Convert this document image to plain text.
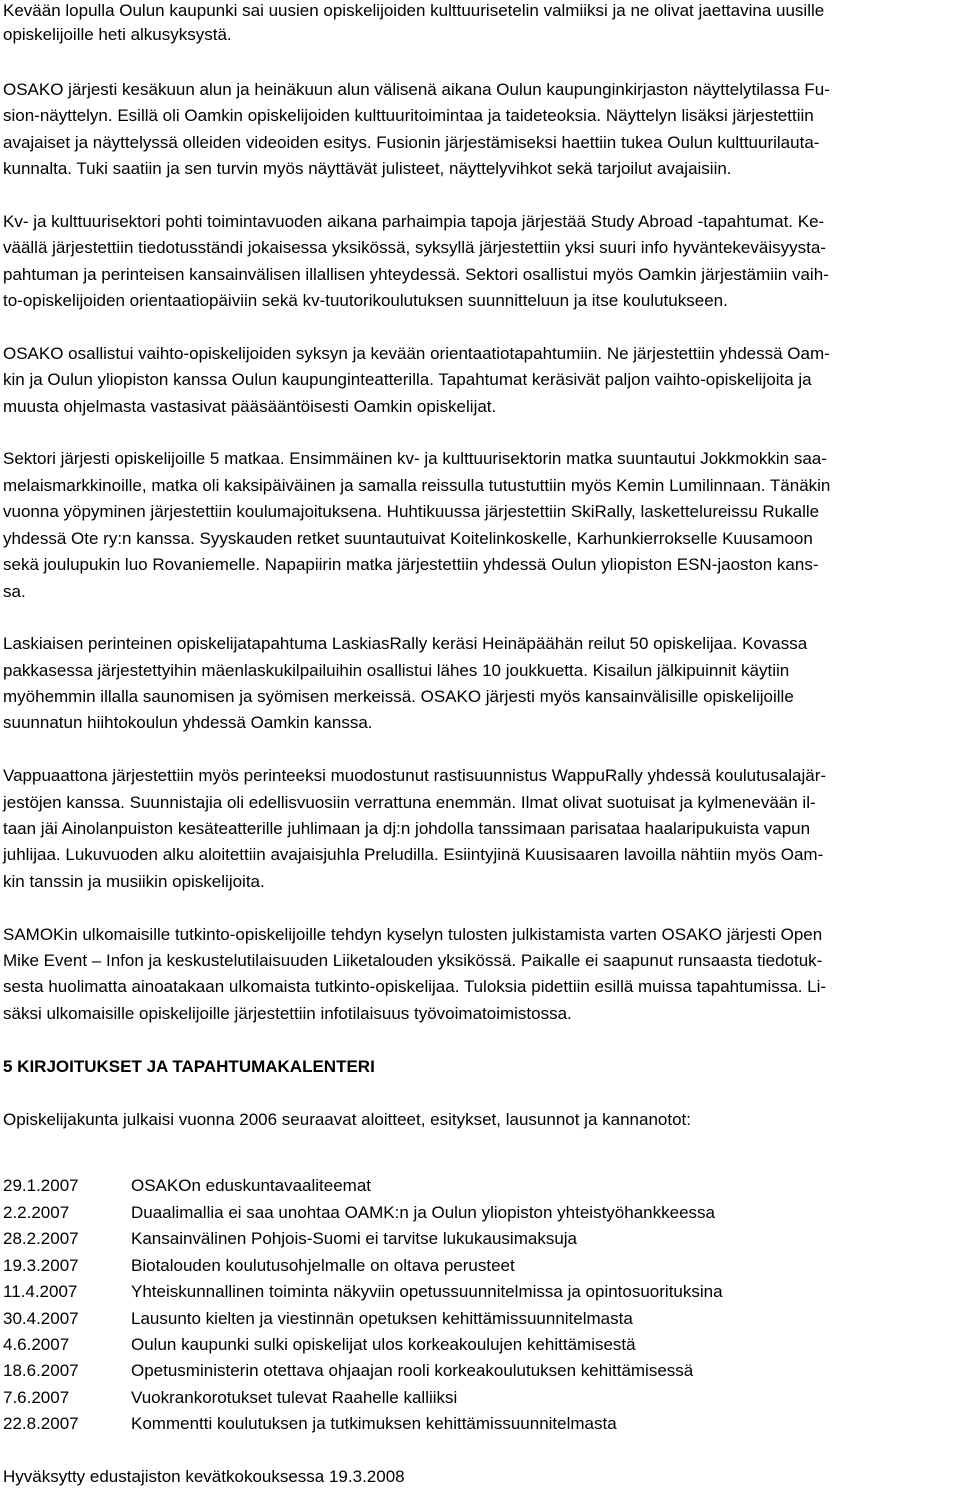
Kevään lopulla Oulun kaupunki sai uusien opiskelijoiden kulttuurisetelin valmiiksi ja ne olivat jaettavina uusille
opiskelijoille heti alkusyksystä.
OSAKO järjesti kesäkuun alun ja heinäkuun alun välisenä aikana Oulun kaupunginkirjaston näyttelytilassa Fu-
sion-näyttelyn. Esillä oli Oamkin opiskelijoiden kulttuuritoimintaa ja taideteoksia. Näyttelyn lisäksi järjestettiin
avajaiset ja näyttelyssä olleiden videoiden esitys. Fusionin järjestämiseksi haettiin tukea Oulun kulttuurilauta-
kunnalta. Tuki saatiin ja sen turvin myös näyttävät julisteet, näyttelyvihkot sekä tarjoilut avajaisiin.
Kv- ja kulttuurisektori pohti toimintavuoden aikana parhaimpia tapoja järjestää Study Abroad -tapahtumat. Ke-
väällä järjestettiin tiedotusständi jokaisessa yksikössä, syksyllä järjestettiin yksi suuri info hyväntekeväisyysta-
pahtuman ja perinteisen kansainvälisen illallisen yhteydessä. Sektori osallistui myös Oamkin järjestämiin vaih-
to-opiskelijoiden orientaatiopäiviin sekä kv-tuutorikoulutuksen suunnitteluun ja itse koulutukseen.
OSAKO osallistui vaihto-opiskelijoiden syksyn ja kevään orientaatiotapahtumiin. Ne järjestettiin yhdessä Oam-
kin ja Oulun yliopiston kanssa Oulun kaupunginteatterilla. Tapahtumat keräsivät paljon vaihto-opiskelijoita ja
muusta ohjelmasta vastasivat pääsääntöisesti Oamkin opiskelijat.
Sektori järjesti opiskelijoille 5 matkaa. Ensimmäinen kv- ja kulttuurisektorin matka suuntautui Jokkmokkin saa-
melaismarkkinoille, matka oli kaksipäiväinen ja samalla reissulla tutustuttiin myös Kemin Lumilinnaan. Tänäkin
vuonna yöpyminen järjestettiin koulumajoituksena. Huhtikuussa järjestettiin SkiRally, laskettelureissu Rukalle
yhdessä Ote ry:n kanssa. Syyskauden retket suuntautuivat Koitelinkoskelle, Karhunkierrokselle Kuusamoon
sekä joulupukin luo Rovaniemelle. Napapiirin matka järjestettiin yhdessä Oulun yliopiston ESN-jaoston kans-
sa.
Laskiaisen perinteinen opiskelijatapahtuma LaskiasRally keräsi Heinäpäähän reilut 50 opiskelijaa. Kovassa
pakkasessa järjestettyihin mäenlaskukilpailuihin osallistui lähes 10 joukkuetta. Kisailun jälkipuinnit käytiin
myöhemmin illalla saunomisen ja syömisen merkeissä. OSAKO järjesti myös kansainvälisille opiskelijoille
suunnatun hiihtokoulun yhdessä Oamkin kanssa.
Vappuaattona järjestettiin myös perinteeksi muodostunut rastisuunnistus WappuRally yhdessä koulutusalajär-
jestöjen kanssa. Suunnistajia oli edellisvuosiin verrattuna enemmän. Ilmat olivat suotuisat ja kylmenevään il-
taan jäi Ainolanpuiston kesäteatterille juhlimaan ja dj:n johdolla tanssimaan parisataa haalaripukuista vapun
juhlijaa. Lukuvuoden alku aloitettiin avajaisjuhla Preludilla. Esiintyjinä Kuusisaaren lavoilla nähtiin myös Oam-
kin tanssin ja musiikin opiskelijoita.
SAMOKin ulkomaisille tutkinto-opiskelijoille tehdyn kyselyn tulosten julkistamista varten OSAKO järjesti Open
Mike Event – Infon ja keskustelutilaisuuden Liiketalouden yksikössä. Paikalle ei saapunut runsaasta tiedotuk-
sesta huolimatta ainoatakaan ulkomaista tutkinto-opiskelijaa. Tuloksia pidettiin esillä muissa tapahtumissa. Li-
säksi ulkomaisille opiskelijoille järjestettiin infotilaisuus työvoimatoimistossa.
5 KIRJOITUKSET JA TAPAHTUMAKALENTERI
Opiskelijakunta julkaisi vuonna 2006 seuraavat aloitteet, esitykset, lausunnot ja kannanotot:
29.1.2007	OSAKOn eduskuntavaaliteemat
2.2.2007	Duaalimallia ei saa unohtaa OAMK:n ja Oulun yliopiston yhteistyöhankkeessa
28.2.2007	Kansainvälinen Pohjois-Suomi ei tarvitse lukukausimaksuja
19.3.2007	Biotalouden koulutusohjelmalle on oltava perusteet
11.4.2007	Yhteiskunnallinen toiminta näkyviin opetussuunnitelmissa ja opintosuorituksina
30.4.2007	Lausunto kielten ja viestinnän opetuksen kehittämissuunnitelmasta
4.6.2007	Oulun kaupunki sulki opiskelijat ulos korkeakoulujen kehittämisestä
18.6.2007	Opetusministerin otettava ohjaajan rooli korkeakoulutuksen kehittämisessä
7.6.2007	Vuokrankorotukset tulevat Raahelle kalliiksi
22.8.2007	Kommentti koulutuksen ja tutkimuksen kehittämissuunnitelmasta
Hyväksytty edustajiston kevätkokouksessa 19.3.2008
